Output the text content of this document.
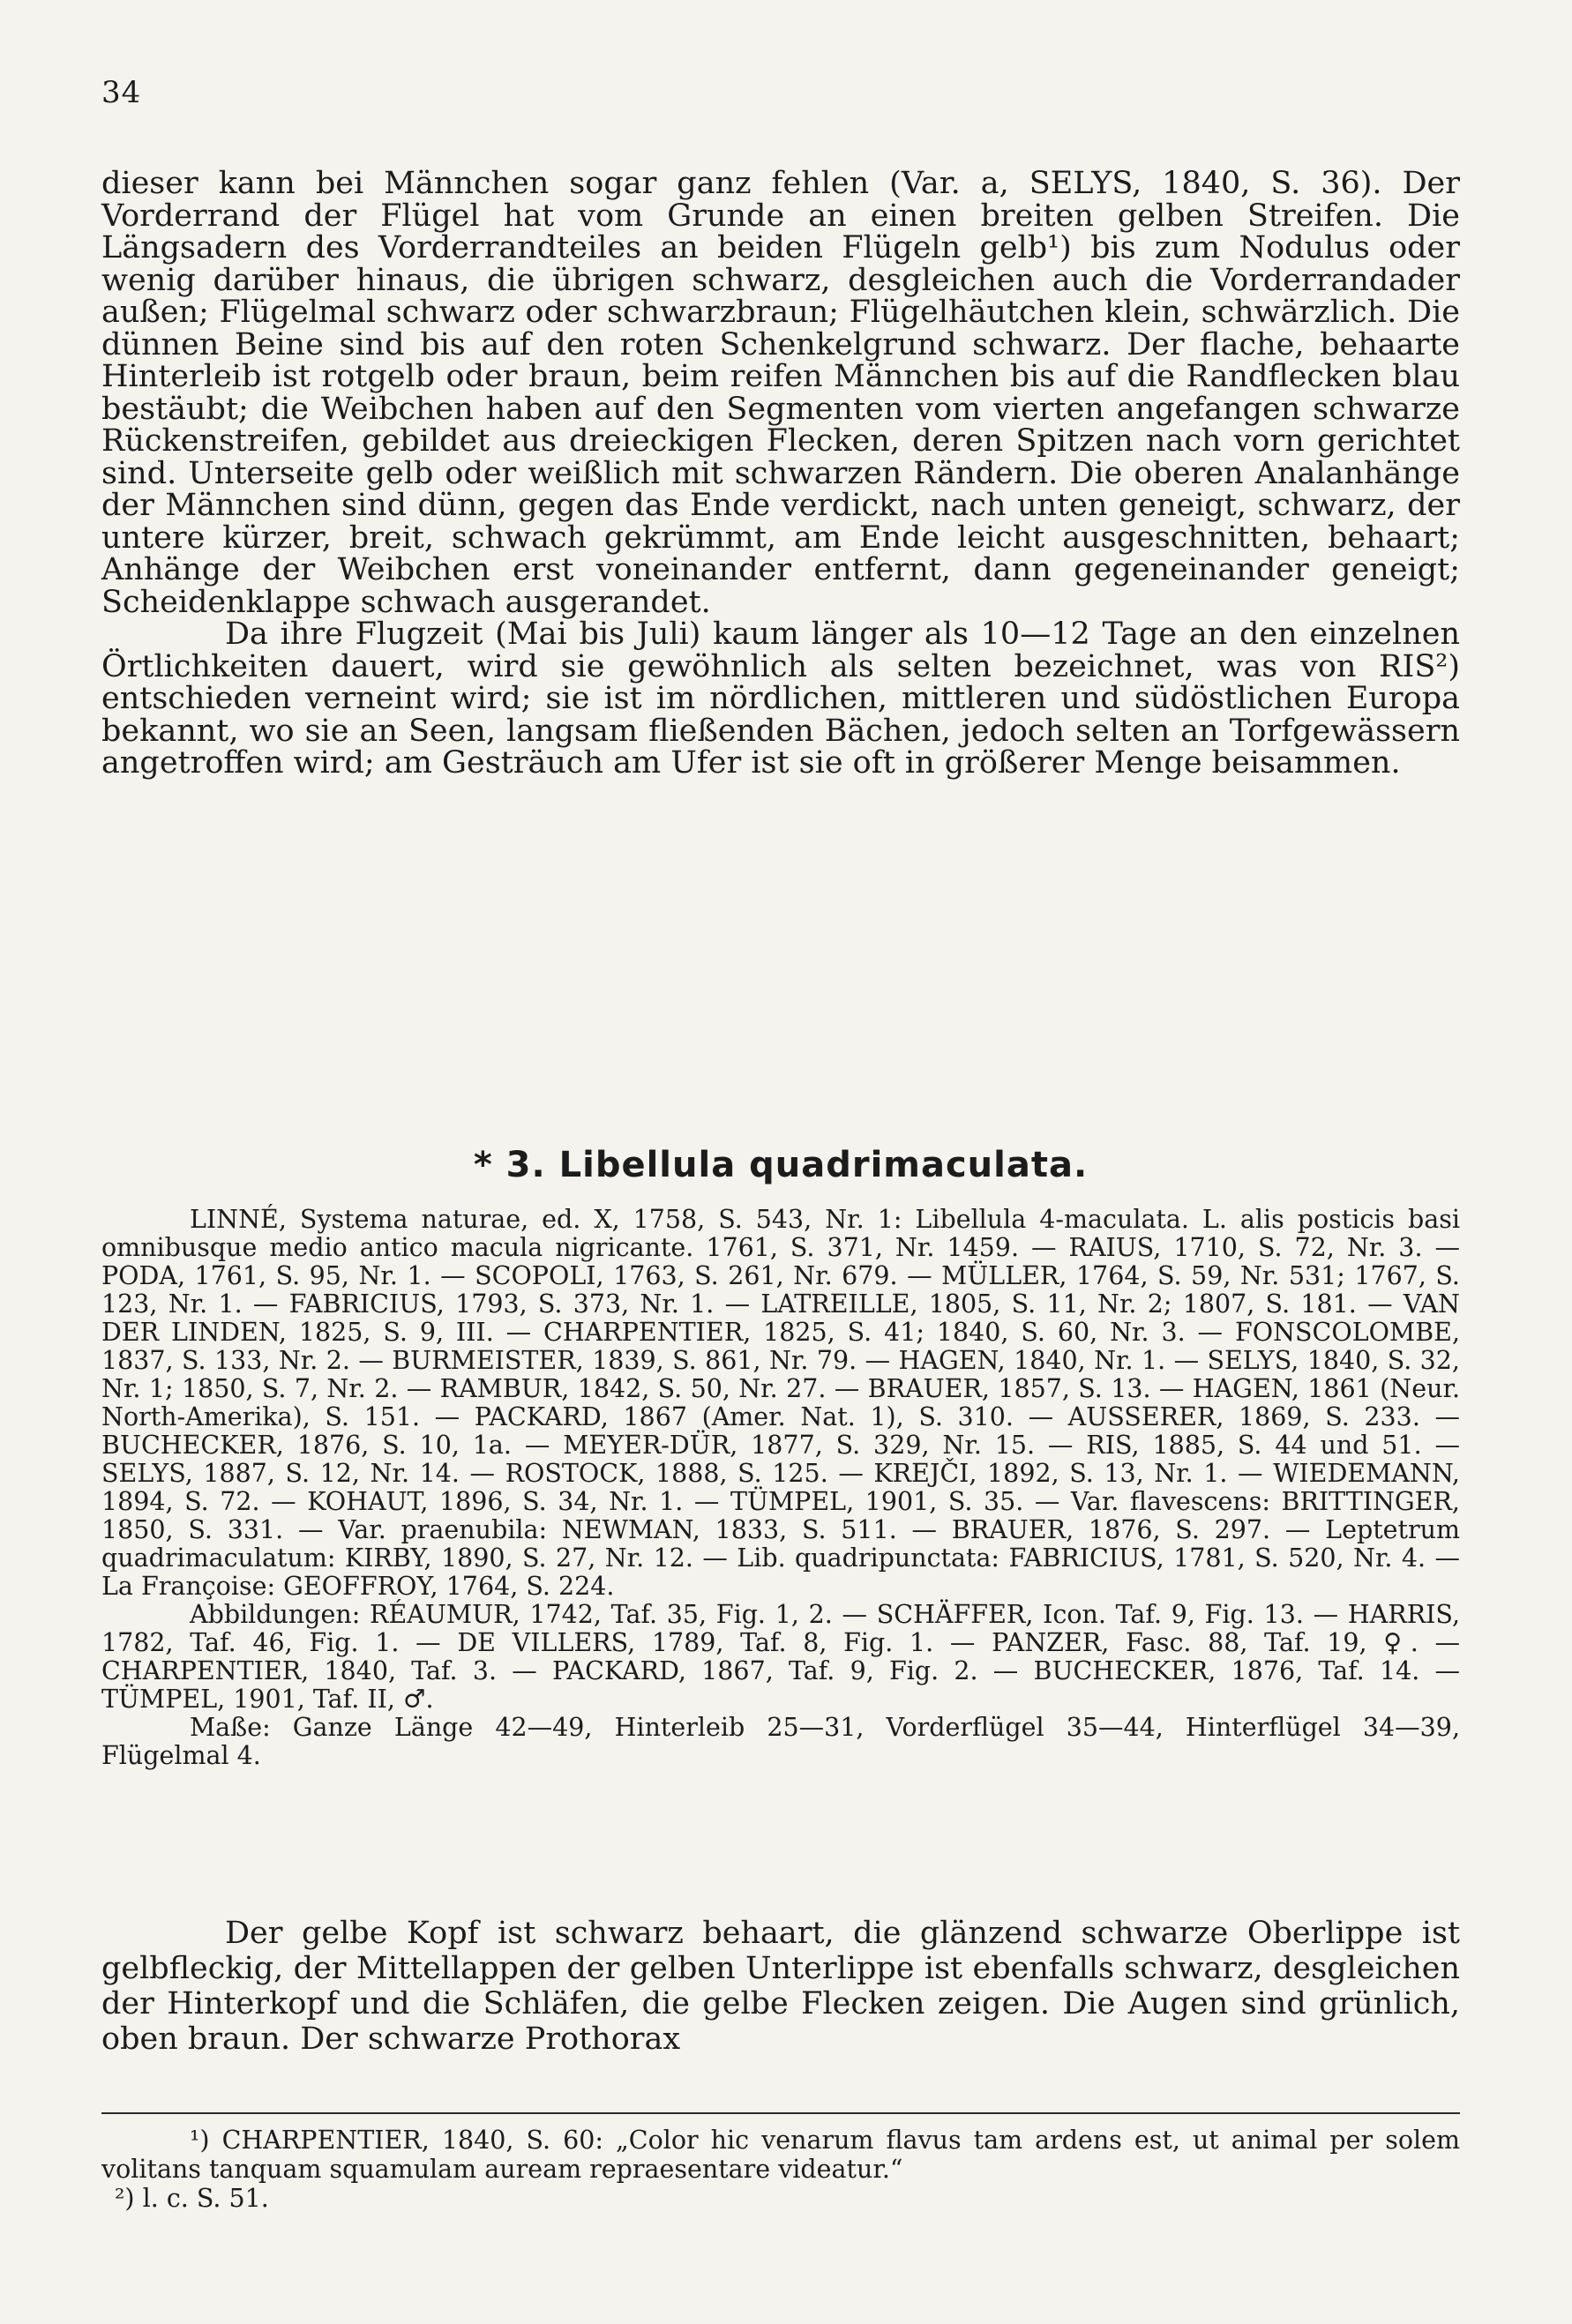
34

dieser kann bei Männchen sogar ganz fehlen (Var. a, SELYS, 1840, S. 36). Der Vorderrand der Flügel hat vom Grunde an einen breiten gelben Streifen. Die Längsadern des Vorderrandteiles an beiden Flügeln gelb¹) bis zum Nodulus oder wenig darüber hinaus, die übrigen schwarz, desgleichen auch die Vorderrandader außen; Flügelmal schwarz oder schwarzbraun; Flügelhäutchen klein, schwärzlich. Die dünnen Beine sind bis auf den roten Schenkelgrund schwarz. Der flache, behaarte Hinterleib ist rotgelb oder braun, beim reifen Männchen bis auf die Randflecken blau bestäubt; die Weibchen haben auf den Segmenten vom vierten angefangen schwarze Rückenstreifen, gebildet aus dreieckigen Flecken, deren Spitzen nach vorn gerichtet sind. Unterseite gelb oder weißlich mit schwarzen Rändern. Die oberen Analanhänge der Männchen sind dünn, gegen das Ende verdickt, nach unten geneigt, schwarz, der untere kürzer, breit, schwach gekrümmt, am Ende leicht ausgeschnitten, behaart; Anhänge der Weibchen erst voneinander entfernt, dann gegeneinander geneigt; Scheidenklappe schwach ausgerandet.

Da ihre Flugzeit (Mai bis Juli) kaum länger als 10—12 Tage an den einzelnen Örtlichkeiten dauert, wird sie gewöhnlich als selten bezeichnet, was von RIS²) entschieden verneint wird; sie ist im nördlichen, mittleren und südöstlichen Europa bekannt, wo sie an Seen, langsam fließenden Bächen, jedoch selten an Torfgewässern angetroffen wird; am Gesträuch am Ufer ist sie oft in größerer Menge beisammen.

* 3. Libellula quadrimaculata.

LINNÉ, Systema naturae, ed. X, 1758, S. 543, Nr. 1: Libellula 4-maculata. L. alis posticis basi omnibusque medio antico macula nigricante. 1761, S. 371, Nr. 1459. — RAIUS, 1710, S. 72, Nr. 3. — PODA, 1761, S. 95, Nr. 1. — SCOPOLI, 1763, S. 261, Nr. 679. — MÜLLER, 1764, S. 59, Nr. 531; 1767, S. 123, Nr. 1. — FABRICIUS, 1793, S. 373, Nr. 1. — LATREILLE, 1805, S. 11, Nr. 2; 1807, S. 181. — VAN DER LINDEN, 1825, S. 9, III. — CHARPENTIER, 1825, S. 41; 1840, S. 60, Nr. 3. — FONSCOLOMBE, 1837, S. 133, Nr. 2. — BURMEISTER, 1839, S. 861, Nr. 79. — HAGEN, 1840, Nr. 1. — SELYS, 1840, S. 32, Nr. 1; 1850, S. 7, Nr. 2. — RAMBUR, 1842, S. 50, Nr. 27. — BRAUER, 1857, S. 13. — HAGEN, 1861 (Neur. North-Amerika), S. 151. — PACKARD, 1867 (Amer. Nat. 1), S. 310. — AUSSERER, 1869, S. 233. — BUCHECKER, 1876, S. 10, 1a. — MEYER-DÜR, 1877, S. 329, Nr. 15. — RIS, 1885, S. 44 und 51. — SELYS, 1887, S. 12, Nr. 14. — ROSTOCK, 1888, S. 125. — KREJČI, 1892, S. 13, Nr. 1. — WIEDEMANN, 1894, S. 72. — KOHAUT, 1896, S. 34, Nr. 1. — TÜMPEL, 1901, S. 35. — Var. flavescens: BRITTINGER, 1850, S. 331. — Var. praenubila: NEWMAN, 1833, S. 511. — BRAUER, 1876, S. 297. — Leptetrum quadrimaculatum: KIRBY, 1890, S. 27, Nr. 12. — Lib. quadripunctata: FABRICIUS, 1781, S. 520, Nr. 4. — La Françoise: GEOFFROY, 1764, S. 224.

Abbildungen: RÉAUMUR, 1742, Taf. 35, Fig. 1, 2. — SCHÄFFER, Icon. Taf. 9, Fig. 13. — HARRIS, 1782, Taf. 46, Fig. 1. — DE VILLERS, 1789, Taf. 8, Fig. 1. — PANZER, Fasc. 88, Taf. 19, ♀. — CHARPENTIER, 1840, Taf. 3. — PACKARD, 1867, Taf. 9, Fig. 2. — BUCHECKER, 1876, Taf. 14. — TÜMPEL, 1901, Taf. II, ♂.

Maße: Ganze Länge 42—49, Hinterleib 25—31, Vorderflügel 35—44, Hinterflügel 34—39, Flügelmal 4.

Der gelbe Kopf ist schwarz behaart, die glänzend schwarze Oberlippe ist gelbfleckig, der Mittellappen der gelben Unterlippe ist ebenfalls schwarz, desgleichen der Hinterkopf und die Schläfen, die gelbe Flecken zeigen. Die Augen sind grünlich, oben braun. Der schwarze Prothorax

¹) CHARPENTIER, 1840, S. 60: „Color hic venarum flavus tam ardens est, ut animal per solem volitans tanquam squamulam auream repraesentare videatur.“

²) l. c. S. 51.
